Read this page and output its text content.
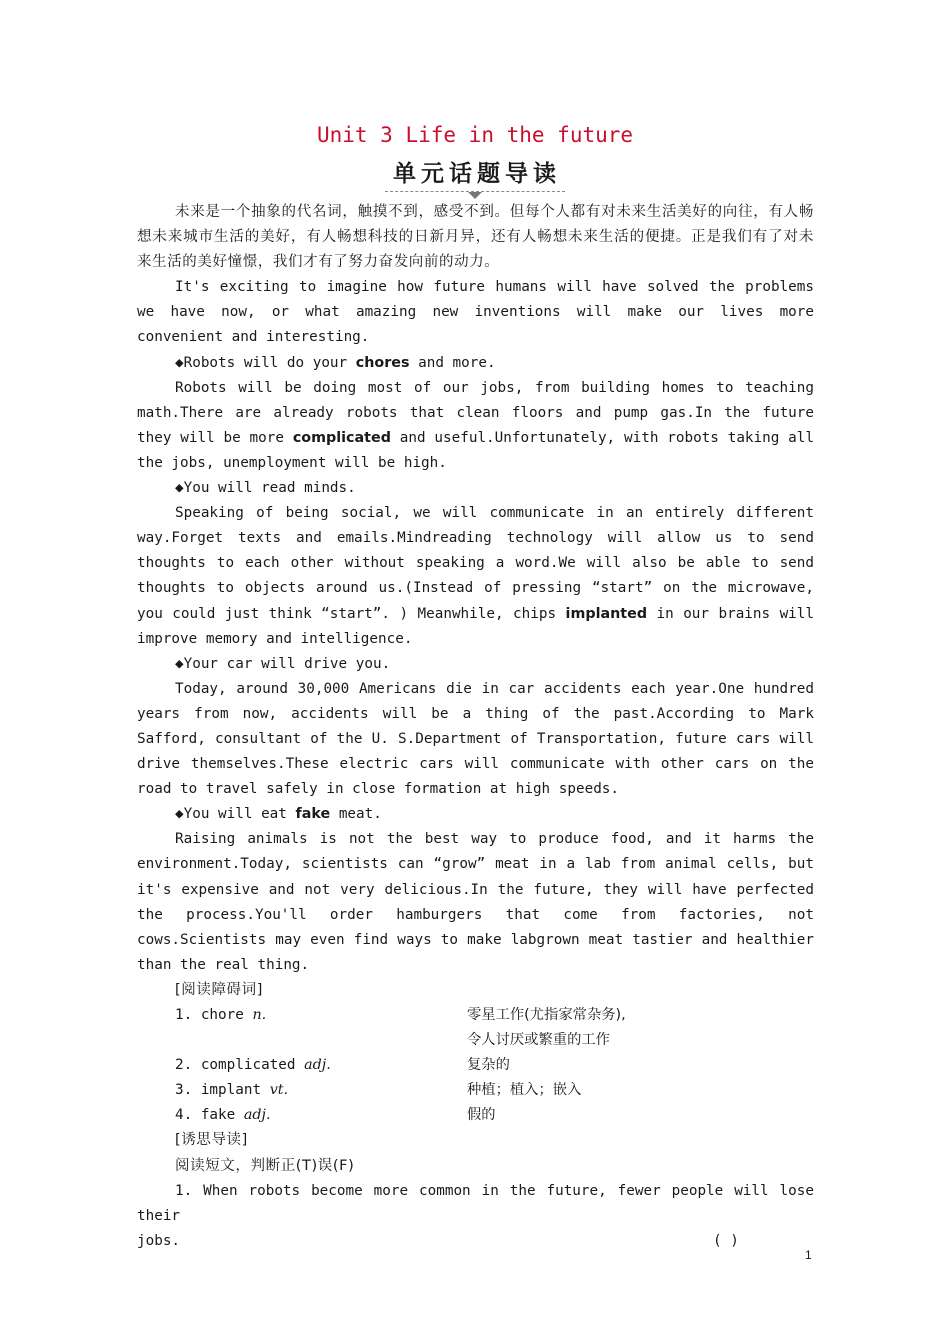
Unit 3 Life in the future
单元话题导读

未来是一个抽象的代名词，触摸不到，感受不到。但每个人都有对未来生活美好的向往，有人畅想未来城市生活的美好，有人畅想科技的日新月异，还有人畅想未来生活的便捷。正是我们有了对未来生活的美好憧憬，我们才有了努力奋发向前的动力。

It's exciting to imagine how future humans will have solved the problems we have now, or what amazing new inventions will make our lives more convenient and interesting.

◆Robots will do your chores and more.

Robots will be doing most of our jobs, from building homes to teaching math.There are already robots that clean floors and pump gas.In the future they will be more complicated and useful.Unfortunately, with robots taking all the jobs, unemployment will be high.

◆You will read minds.

Speaking of being social, we will communicate in an entirely different way.Forget texts and emails.Mindreading technology will allow us to send thoughts to each other without speaking a word.We will also be able to send thoughts to objects around us.(Instead of pressing “start” on the microwave, you could just think “start”. ) Meanwhile, chips implanted in our brains will improve memory and intelligence.

◆Your car will drive you.

Today, around 30,000 Americans die in car accidents each year.One hundred years from now, accidents will be a thing of the past.According to Mark Safford, consultant of the U. S.Department of Transportation, future cars will drive themselves.These electric cars will communicate with other cars on the road to travel safely in close formation at high speeds.

◆You will eat fake meat.

Raising animals is not the best way to produce food, and it harms the environment.Today, scientists can “grow” meat in a lab from animal cells, but it's expensive and not very delicious.In the future, they will have perfected the process.You'll order hamburgers that come from factories, not cows.Scientists may even find ways to make labgrown meat tastier and healthier than the real thing.

[阅读障碍词]

1. chore n.	零星工作(尤指家常杂务),
令人讨厌或繁重的工作
2. complicated adj.	复杂的
3. implant vt.	种植；植入；嵌入
4. fake adj.	假的

[诱思导读]

阅读短文，判断正(T)误(F)

1. When robots become more common in the future, fewer people will lose their

jobs.	( )
1
